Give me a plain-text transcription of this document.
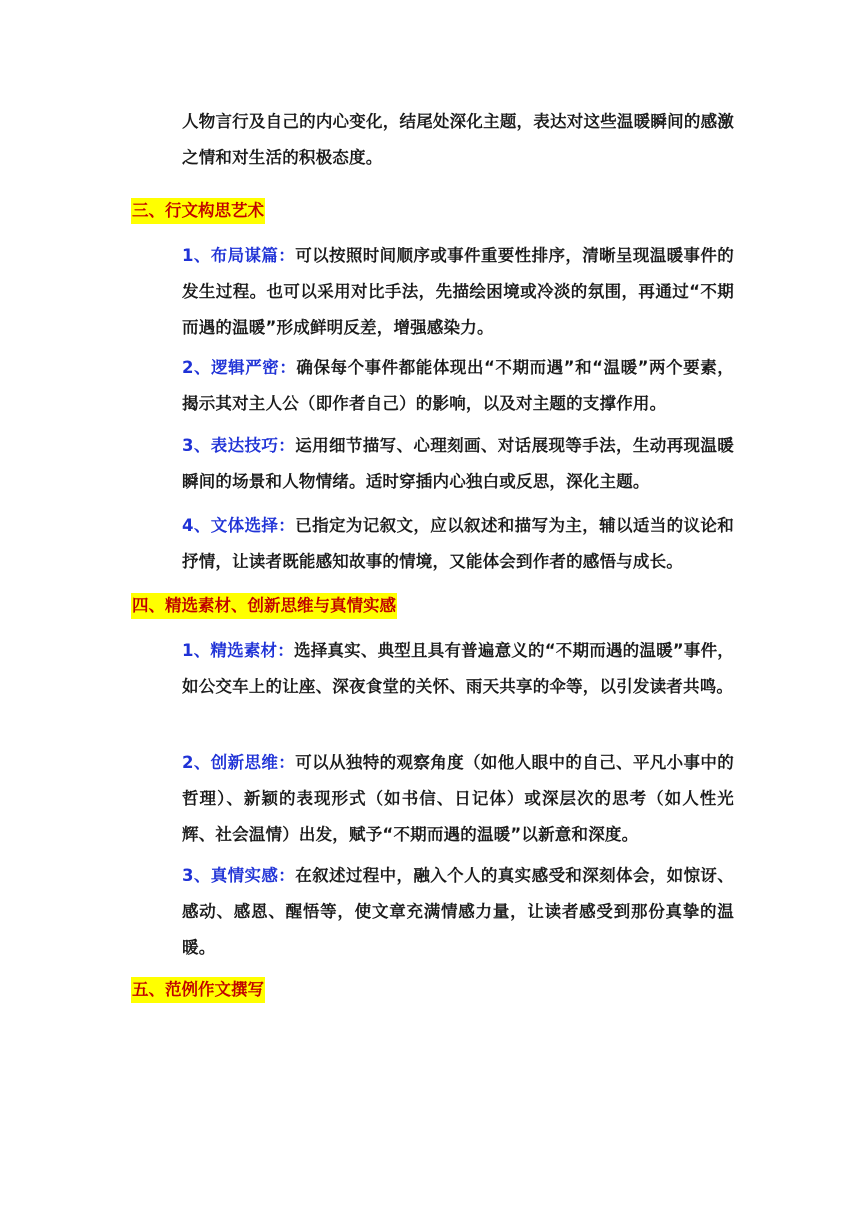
人物言行及自己的内心变化，结尾处深化主题，表达对这些温暖瞬间的感激之情和对生活的积极态度。
三、行文构思艺术
1、布局谋篇：可以按照时间顺序或事件重要性排序，清晰呈现温暖事件的发生过程。也可以采用对比手法，先描绘困境或冷淡的氛围，再通过“不期而遇的温暖”形成鲜明反差，增强感染力。
2、逻辑严密：确保每个事件都能体现出“不期而遇”和“温暖”两个要素，揭示其对主人公（即作者自己）的影响，以及对主题的支撑作用。
3、表达技巧：运用细节描写、心理刻画、对话展现等手法，生动再现温暖瞬间的场景和人物情绪。适时穿插内心独白或反思，深化主题。
4、文体选择：已指定为记叙文，应以叙述和描写为主，辅以适当的议论和抒情，让读者既能感知故事的情境，又能体会到作者的感悟与成长。
四、精选素材、创新思维与真情实感
1、精选素材：选择真实、典型且具有普遍意义的“不期而遇的温暖”事件，如公交车上的让座、深夜食堂的关怀、雨天共享的伞等，以引发读者共鸣。
2、创新思维：可以从独特的观察角度（如他人眼中的自己、平凡小事中的哲理）、新颖的表现形式（如书信、日记体）或深层次的思考（如人性光辉、社会温情）出发，赋予“不期而遇的温暖”以新意和深度。
3、真情实感：在叙述过程中，融入个人的真实感受和深刻体会，如惊讶、感动、感恩、醒悟等，使文章充满情感力量，让读者感受到那份真挚的温暖。
五、范例作文撰写
